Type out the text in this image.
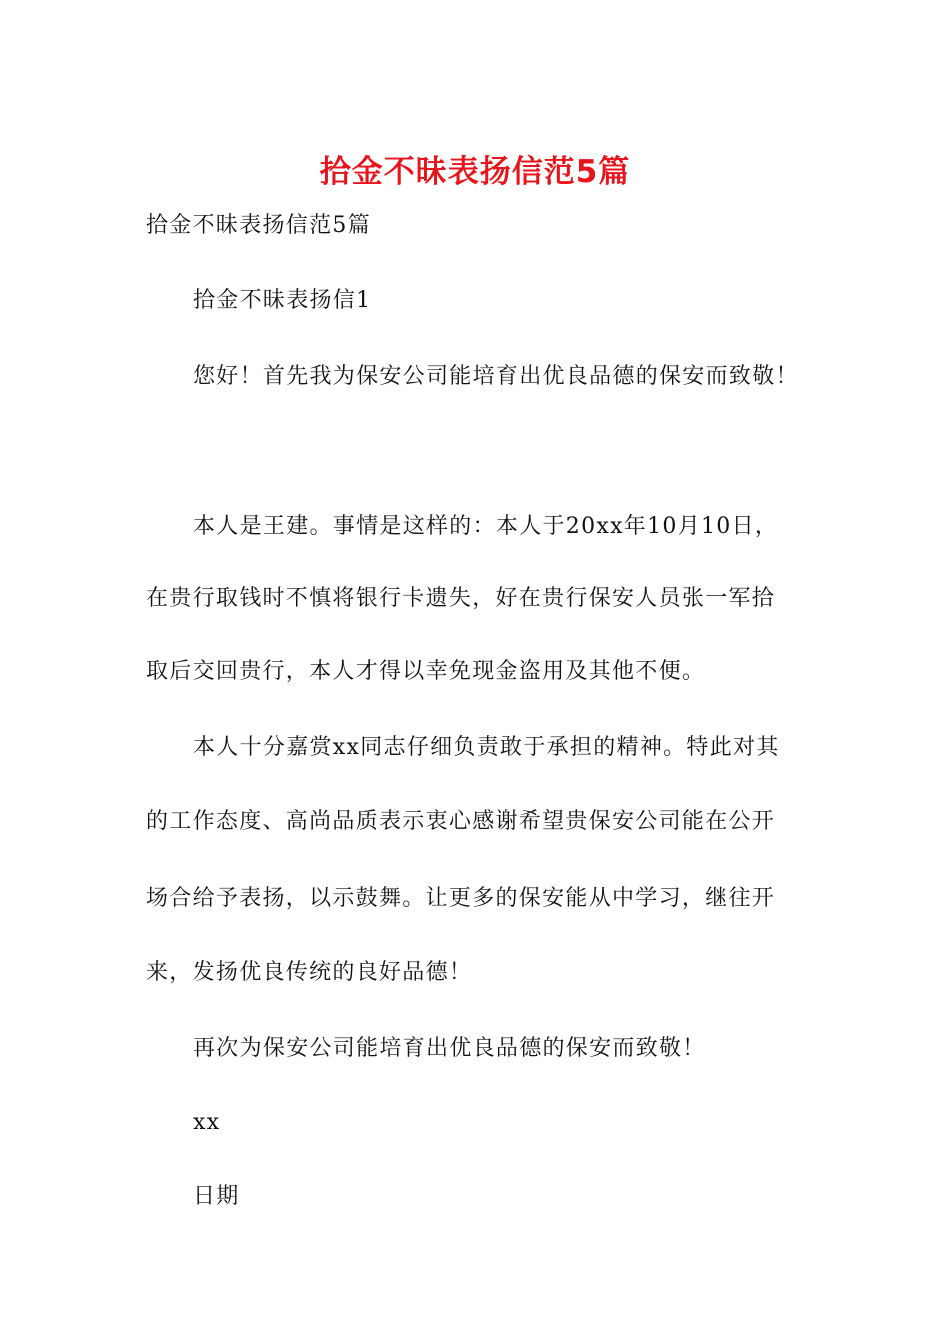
拾金不昧表扬信范5篇
拾金不昧表扬信范5篇
拾金不昧表扬信1
您好！首先我为保安公司能培育出优良品德的保安而致敬！
本人是王建。事情是这样的：本人于20xx年10月10日，
在贵行取钱时不慎将银行卡遗失，好在贵行保安人员张一军拾
取后交回贵行，本人才得以幸免现金盗用及其他不便。
本人十分嘉赏xx同志仔细负责敢于承担的精神。特此对其
的工作态度、高尚品质表示衷心感谢希望贵保安公司能在公开
场合给予表扬，以示鼓舞。让更多的保安能从中学习，继往开
来，发扬优良传统的良好品德！
再次为保安公司能培育出优良品德的保安而致敬！
xx
日期
